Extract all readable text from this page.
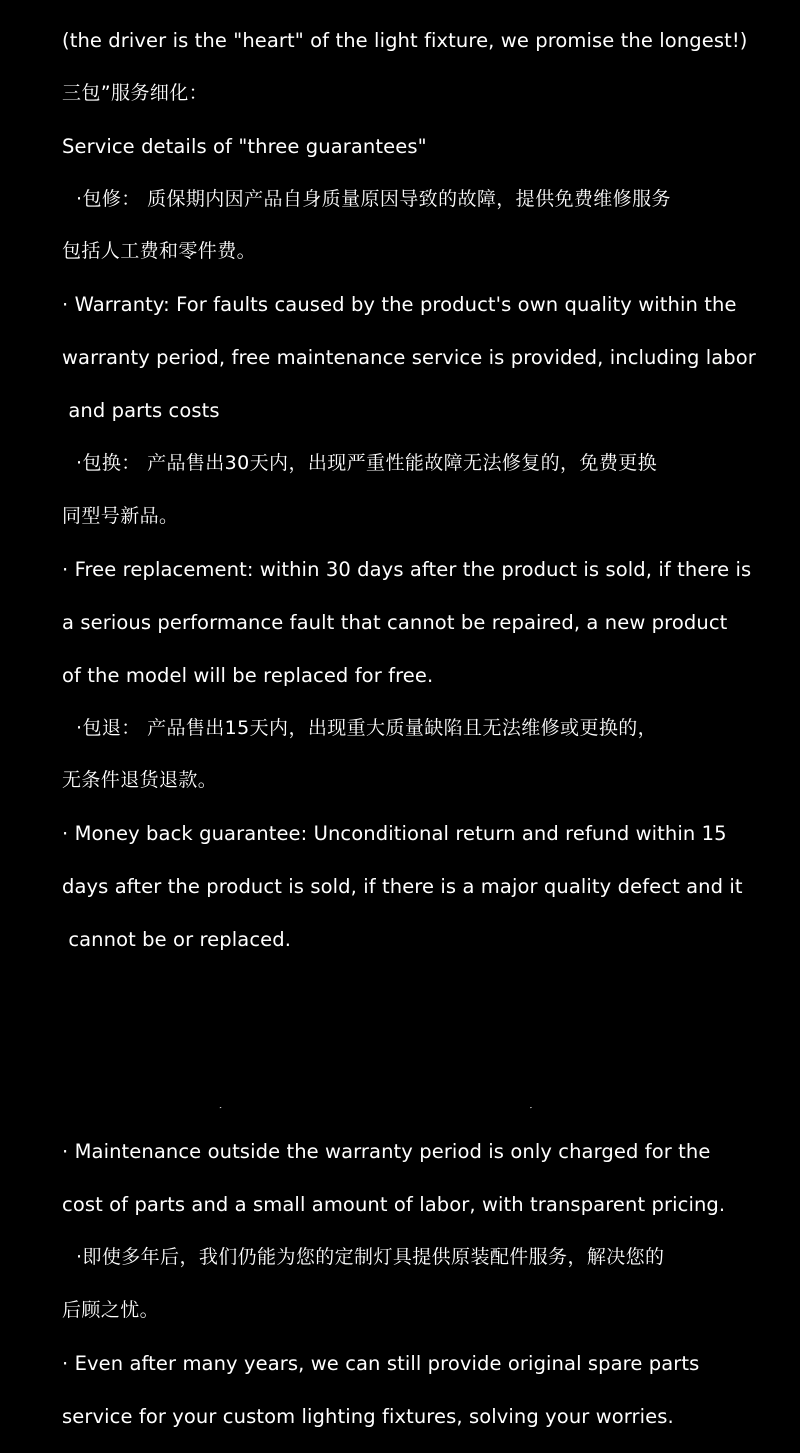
(the driver is the "heart" of the light fixture, we promise the longest!)

三包”服务细化：

Service details of "three guarantees"

·包修： 质保期内因产品自身质量原因导致的故障，提供免费维修服务

包括人工费和零件费。

· Warranty: For faults caused by the product's own quality within the

warranty period, free maintenance service is provided, including labor

and parts costs

·包换： 产品售出30天内，出现严重性能故障无法修复的，免费更换

同型号新品。

· Free replacement: within 30 days after the product is sold, if there is

a serious performance fault that cannot be repaired, a new product

of the model will be replaced for free.

·包退： 产品售出15天内，出现重大质量缺陷且无法维修或更换的，

无条件退货退款。

· Money back guarantee: Unconditional return and refund within 15

days after the product is sold, if there is a major quality defect and it

cannot be or replaced.

· Maintenance outside the warranty period is only charged for the

cost of parts and a small amount of labor, with transparent pricing.

·即使多年后，我们仍能为您的定制灯具提供原装配件服务，解决您的

后顾之忧。

· Even after many years, we can still provide original spare parts

service for your custom lighting fixtures, solving your worries.
